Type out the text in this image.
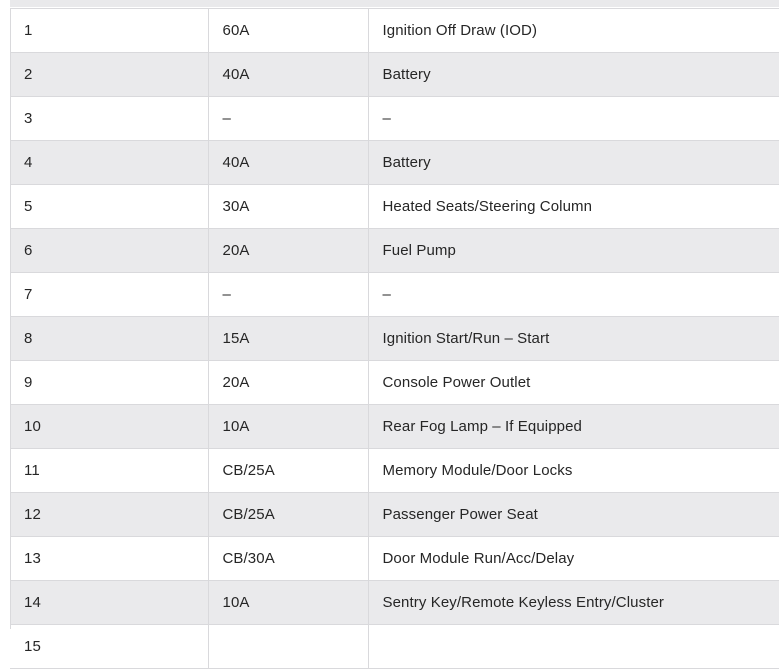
1	60A	Ignition Off Draw (IOD)
2	40A	Battery
3	–	–
4	40A	Battery
5	30A	Heated Seats/Steering Column
6	20A	Fuel Pump
7	–	–
8	15A	Ignition Start/Run – Start
9	20A	Console Power Outlet
10	10A	Rear Fog Lamp – If Equipped
11	CB/25A	Memory Module/Door Locks
12	CB/25A	Passenger Power Seat
13	CB/30A	Door Module Run/Acc/Delay
14	10A	Sentry Key/Remote Keyless Entry/Cluster
15		
